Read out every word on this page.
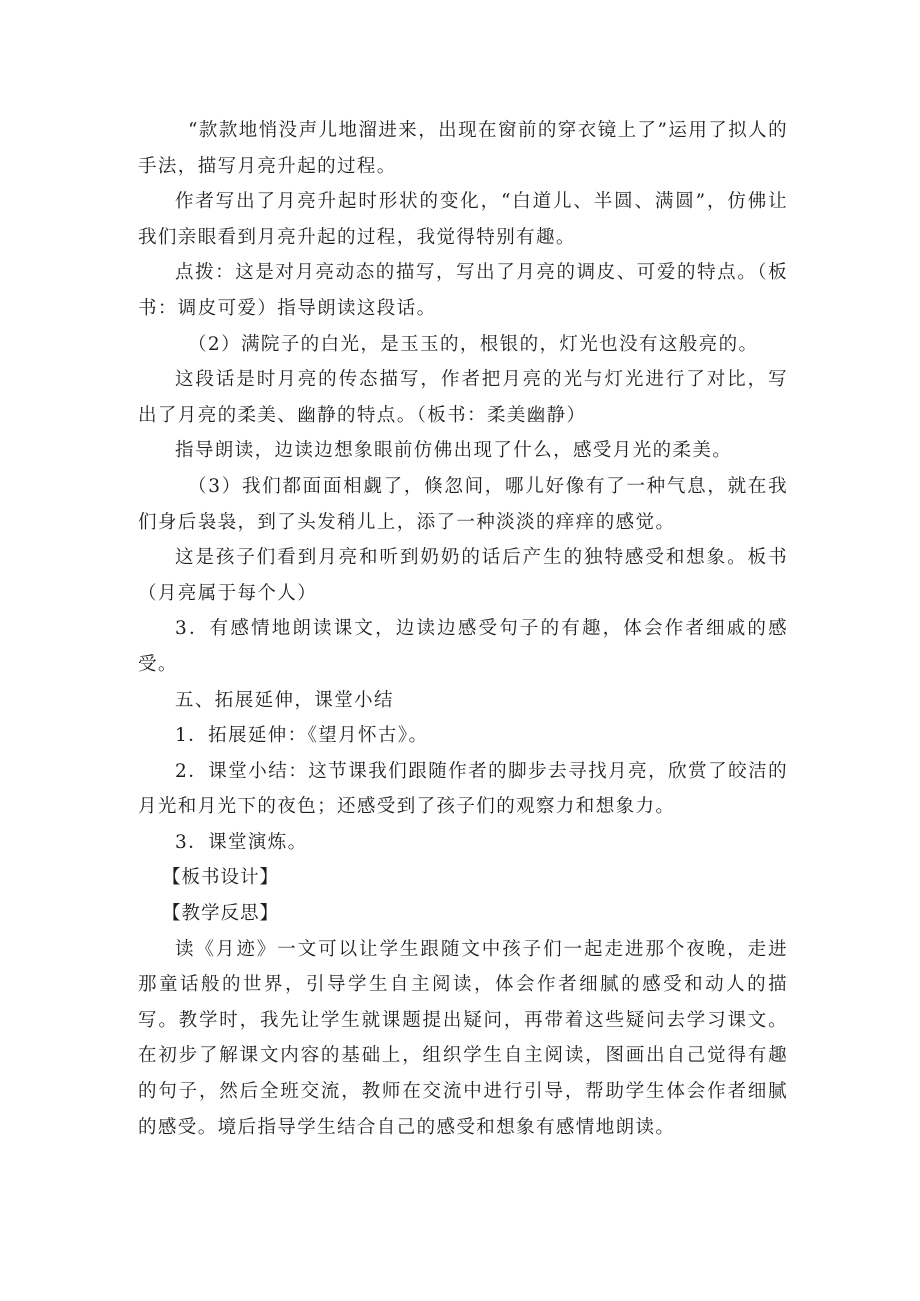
“款款地悄没声儿地溜进来，出现在窗前的穿衣镜上了”运用了拟人的手法，描写月亮升起的过程。

作者写出了月亮升起时形状的变化，“白道儿、半圆、满圆”，仿佛让我们亲眼看到月亮升起的过程，我觉得特别有趣。

点拨：这是对月亮动态的描写，写出了月亮的调皮、可爱的特点。（板书：调皮可爱）指导朗读这段话。

（2）满院子的白光，是玉玉的，根银的，灯光也没有这般亮的。

这段话是时月亮的传态描写，作者把月亮的光与灯光进行了对比，写出了月亮的柔美、幽静的特点。（板书：柔美幽静）

指导朗读，边读边想象眼前仿佛出现了什么，感受月光的柔美。

（3）我们都面面相觑了，倏忽间，哪儿好像有了一种气息，就在我们身后袅袅，到了头发稍儿上，添了一种淡淡的痒痒的感觉。

这是孩子们看到月亮和听到奶奶的话后产生的独特感受和想象。板书（月亮属于每个人）

3．有感情地朗读课文，边读边感受句子的有趣，体会作者细戚的感受。

五、拓展延伸，课堂小结

1．拓展延伸：《望月怀古》。

2．课堂小结：这节课我们跟随作者的脚步去寻找月亮，欣赏了皎洁的月光和月光下的夜色；还感受到了孩子们的观察力和想象力。

3．课堂演炼。

【板书设计】

【教学反思】

读《月迹》一文可以让学生跟随文中孩子们一起走进那个夜晚，走进那童话般的世界，引导学生自主阅读，体会作者细腻的感受和动人的描写。教学时，我先让学生就课题提出疑问，再带着这些疑问去学习课文。在初步了解课文内容的基础上，组织学生自主阅读，图画出自己觉得有趣的句子，然后全班交流，教师在交流中进行引导，帮助学生体会作者细腻的感受。境后指导学生结合自己的感受和想象有感情地朗读。
